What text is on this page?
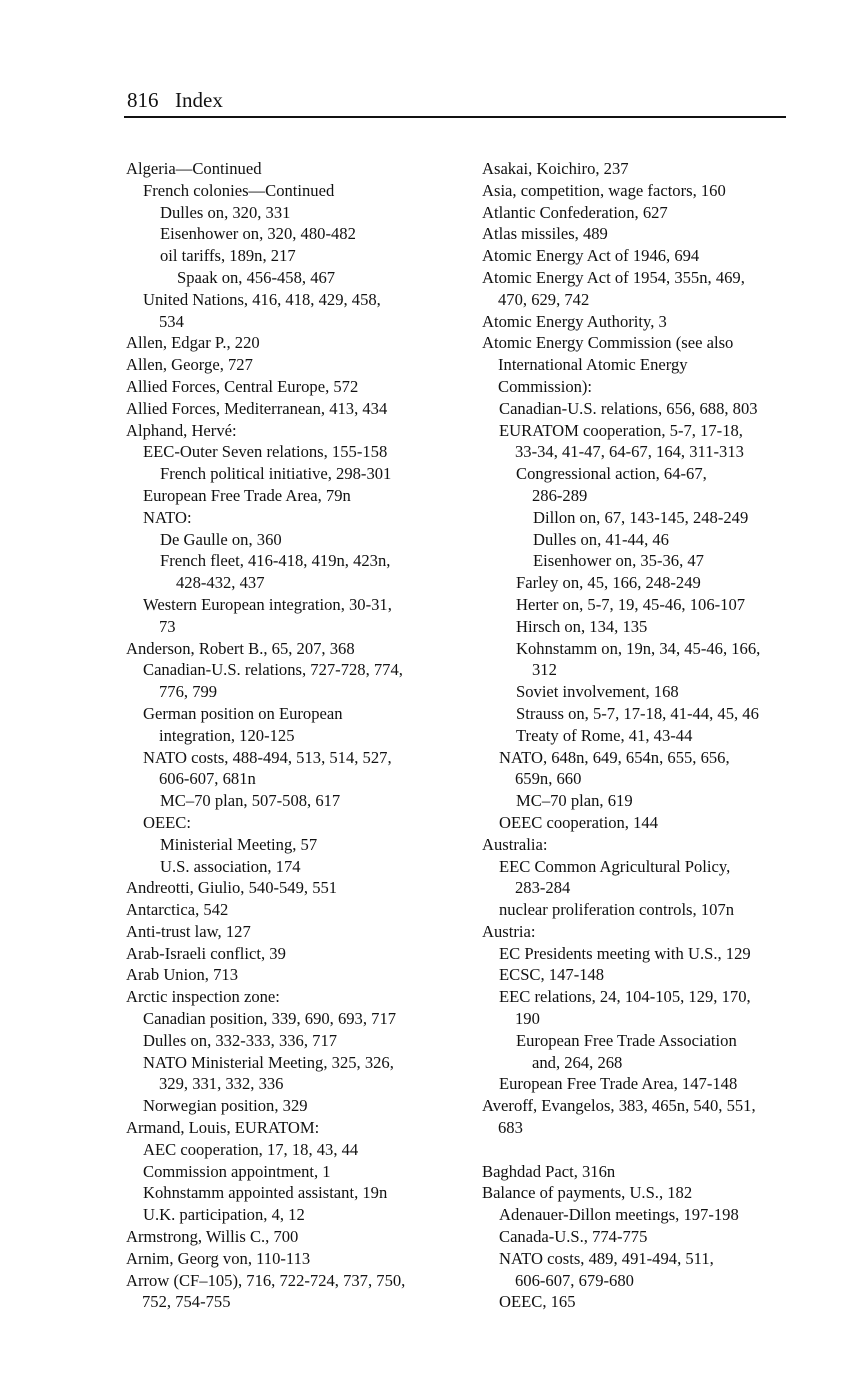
816 Index
Algeria—Continued
French colonies—Continued
Dulles on, 320, 331
Eisenhower on, 320, 480-482
oil tariffs, 189n, 217
Spaak on, 456-458, 467
United Nations, 416, 418, 429, 458,
534
Allen, Edgar P., 220
Allen, George, 727
Allied Forces, Central Europe, 572
Allied Forces, Mediterranean, 413, 434
Alphand, Hervé:
EEC-Outer Seven relations, 155-158
French political initiative, 298-301
European Free Trade Area, 79n
NATO:
De Gaulle on, 360
French fleet, 416-418, 419n, 423n,
428-432, 437
Western European integration, 30-31,
73
Anderson, Robert B., 65, 207, 368
Canadian-U.S. relations, 727-728, 774,
776, 799
German position on European
integration, 120-125
NATO costs, 488-494, 513, 514, 527,
606-607, 681n
MC–70 plan, 507-508, 617
OEEC:
Ministerial Meeting, 57
U.S. association, 174
Andreotti, Giulio, 540-549, 551
Antarctica, 542
Anti-trust law, 127
Arab-Israeli conflict, 39
Arab Union, 713
Arctic inspection zone:
Canadian position, 339, 690, 693, 717
Dulles on, 332-333, 336, 717
NATO Ministerial Meeting, 325, 326,
329, 331, 332, 336
Norwegian position, 329
Armand, Louis, EURATOM:
AEC cooperation, 17, 18, 43, 44
Commission appointment, 1
Kohnstamm appointed assistant, 19n
U.K. participation, 4, 12
Armstrong, Willis C., 700
Arnim, Georg von, 110-113
Arrow (CF–105), 716, 722-724, 737, 750,
752, 754-755
Asakai, Koichiro, 237
Asia, competition, wage factors, 160
Atlantic Confederation, 627
Atlas missiles, 489
Atomic Energy Act of 1946, 694
Atomic Energy Act of 1954, 355n, 469,
470, 629, 742
Atomic Energy Authority, 3
Atomic Energy Commission (see also
International Atomic Energy
Commission):
Canadian-U.S. relations, 656, 688, 803
EURATOM cooperation, 5-7, 17-18,
33-34, 41-47, 64-67, 164, 311-313
Congressional action, 64-67,
286-289
Dillon on, 67, 143-145, 248-249
Dulles on, 41-44, 46
Eisenhower on, 35-36, 47
Farley on, 45, 166, 248-249
Herter on, 5-7, 19, 45-46, 106-107
Hirsch on, 134, 135
Kohnstamm on, 19n, 34, 45-46, 166,
312
Soviet involvement, 168
Strauss on, 5-7, 17-18, 41-44, 45, 46
Treaty of Rome, 41, 43-44
NATO, 648n, 649, 654n, 655, 656,
659n, 660
MC–70 plan, 619
OEEC cooperation, 144
Australia:
EEC Common Agricultural Policy,
283-284
nuclear proliferation controls, 107n
Austria:
EC Presidents meeting with U.S., 129
ECSC, 147-148
EEC relations, 24, 104-105, 129, 170,
190
European Free Trade Association
and, 264, 268
European Free Trade Area, 147-148
Averoff, Evangelos, 383, 465n, 540, 551,
683
Baghdad Pact, 316n
Balance of payments, U.S., 182
Adenauer-Dillon meetings, 197-198
Canada-U.S., 774-775
NATO costs, 489, 491-494, 511,
606-607, 679-680
OEEC, 165
